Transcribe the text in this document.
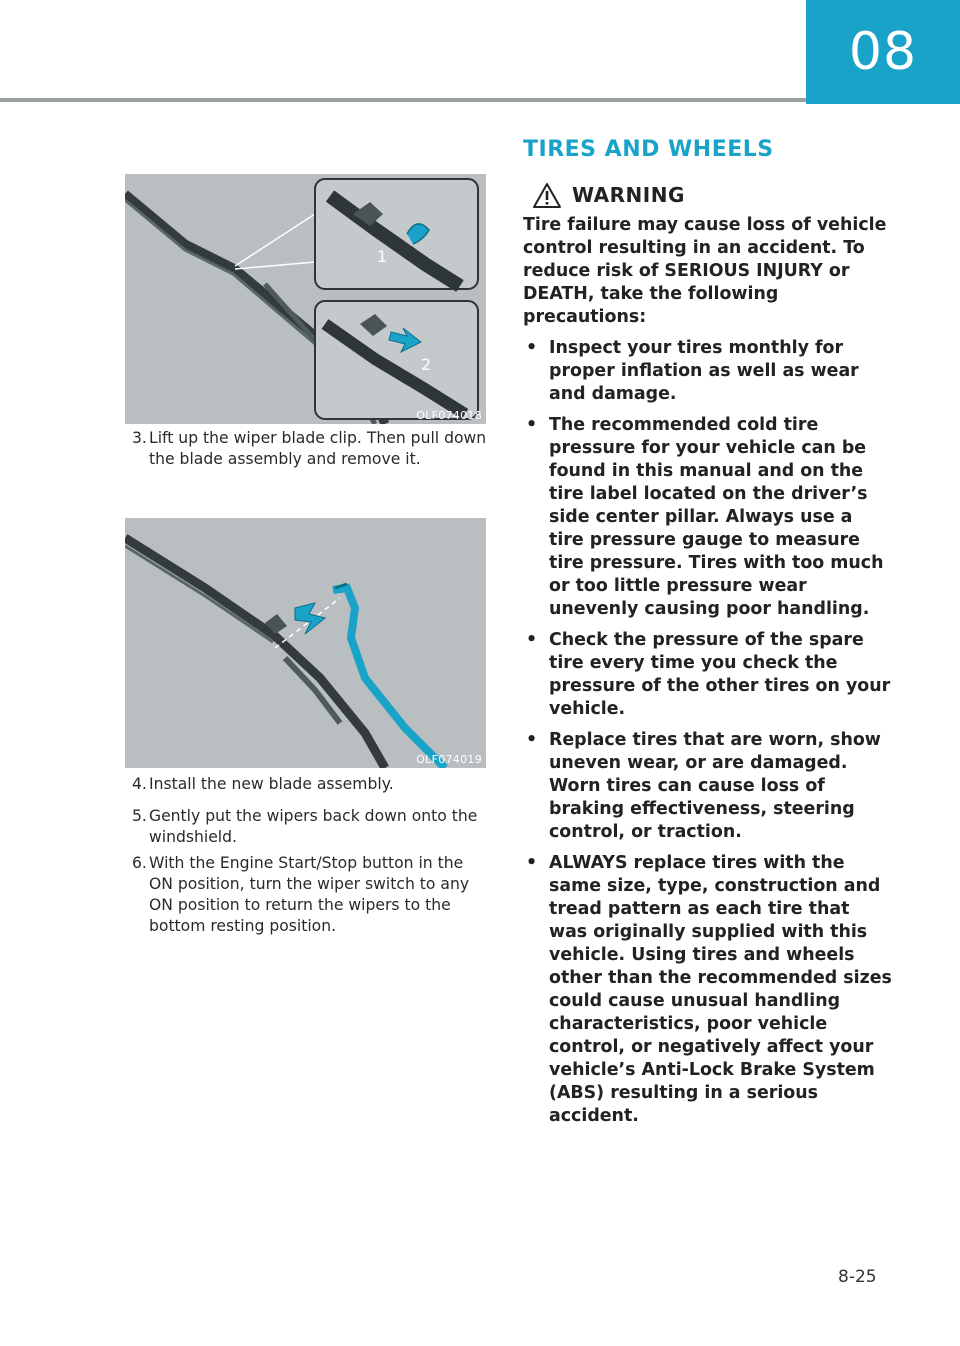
08
1
2
OLF074018
3. Lift up the wiper blade clip. Then pull down the blade assembly and remove it.
OLF074019
4. Install the new blade assembly.
5. Gently put the wipers back down onto the windshield.
6. With the Engine Start/Stop button in the ON position, turn the wiper switch to any ON position to return the wipers to the bottom resting position.
TIRES AND WHEELS
WARNING

Tire failure may cause loss of vehicle control resulting in an accident. To reduce risk of SERIOUS INJURY or DEATH, take the following precautions:

• Inspect your tires monthly for proper inflation as well as wear and damage.
• The recommended cold tire pressure for your vehicle can be found in this manual and on the tire label located on the driver’s side center pillar. Always use a tire pressure gauge to measure tire pressure. Tires with too much or too little pressure wear unevenly causing poor handling.
• Check the pressure of the spare tire every time you check the pressure of the other tires on your vehicle.
• Replace tires that are worn, show uneven wear, or are damaged. Worn tires can cause loss of braking effectiveness, steering control, or traction.
• ALWAYS replace tires with the same size, type, construction and tread pattern as each tire that was originally supplied with this vehicle. Using tires and wheels other than the recommended sizes could cause unusual handling characteristics, poor vehicle control, or negatively affect your vehicle’s Anti-Lock Brake System (ABS) resulting in a serious accident.
8-25
